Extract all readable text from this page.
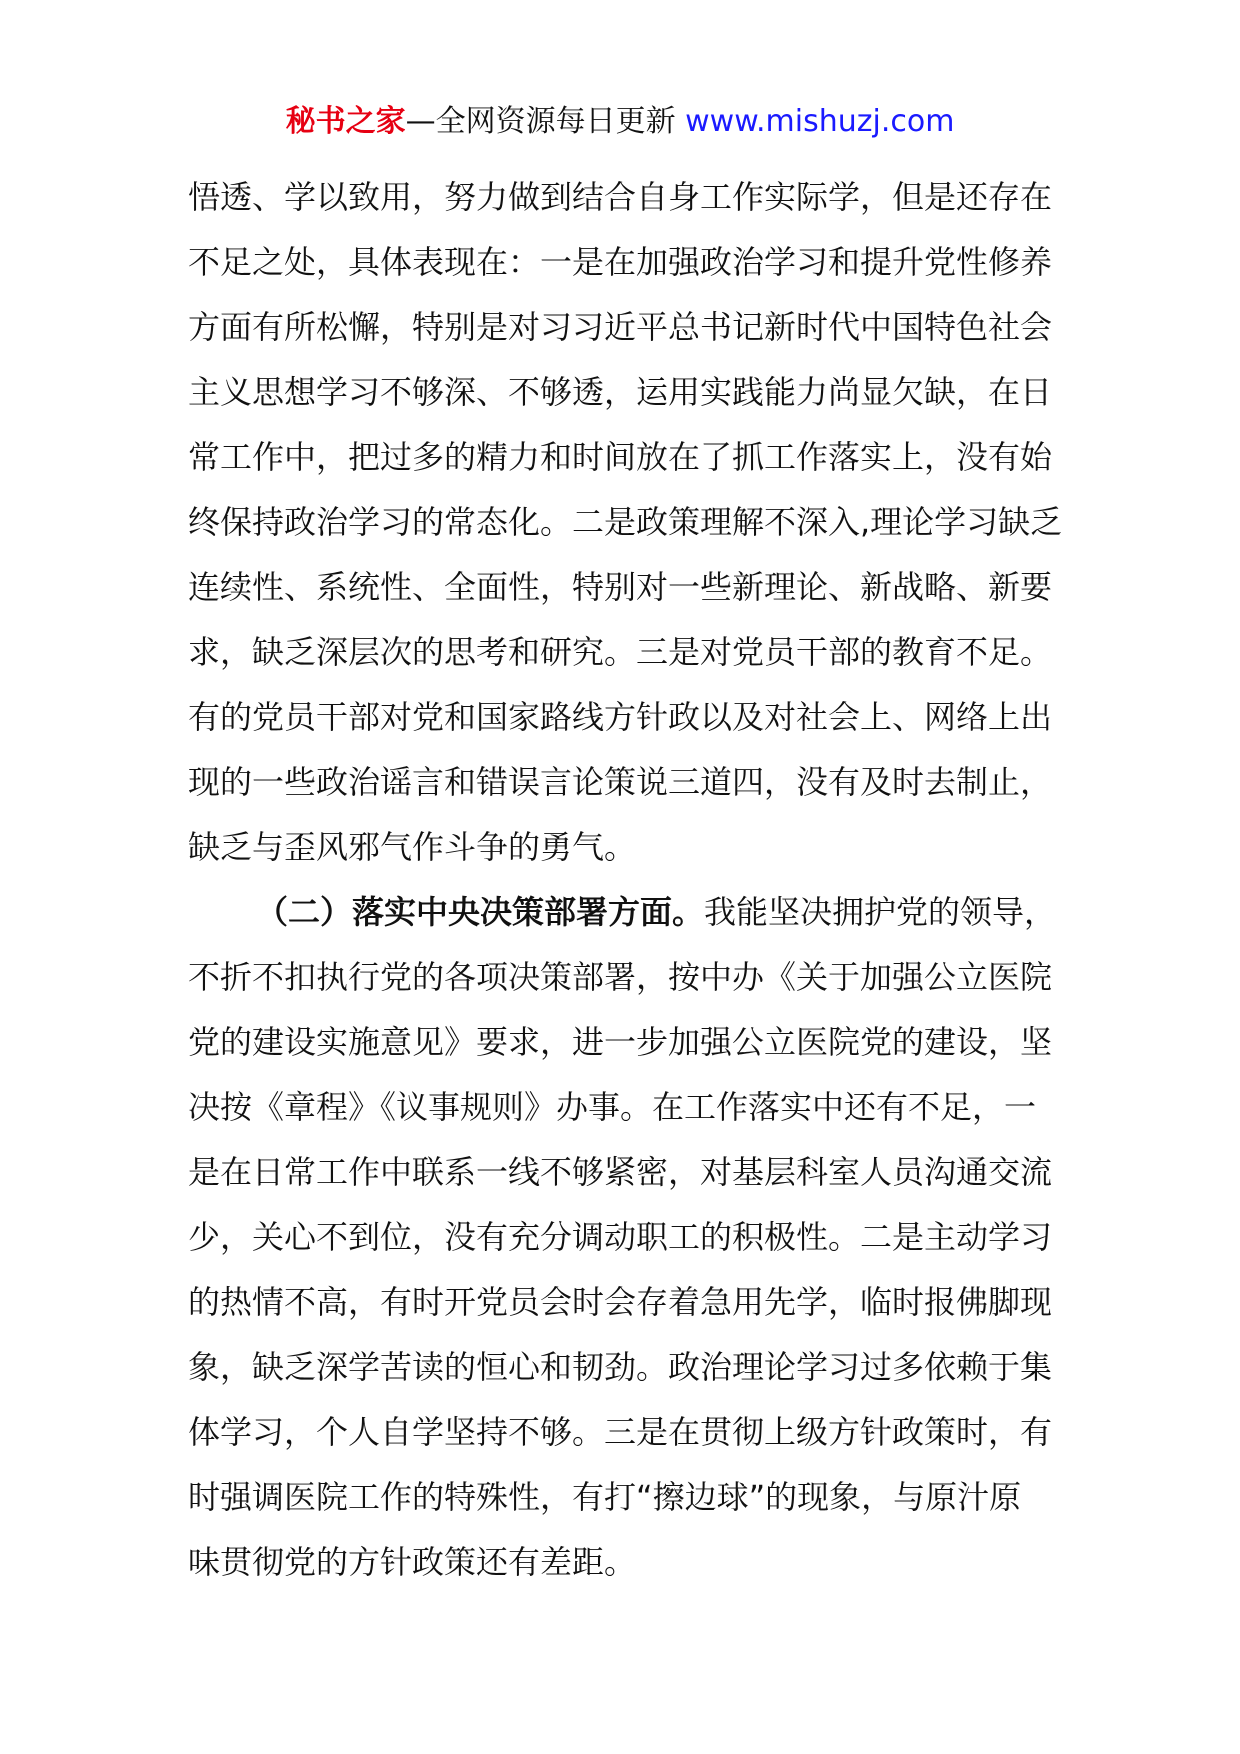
秘书之家—全网资源每日更新 www.mishuzj.com
悟透、学以致用，努力做到结合自身工作实际学，但是还存在
不足之处，具体表现在：一是在加强政治学习和提升党性修养
方面有所松懈，特别是对习习近平总书记新时代中国特色社会
主义思想学习不够深、不够透，运用实践能力尚显欠缺，在日
常工作中，把过多的精力和时间放在了抓工作落实上，没有始
终保持政治学习的常态化。二是政策理解不深入,理论学习缺乏
连续性、系统性、全面性，特别对一些新理论、新战略、新要
求，缺乏深层次的思考和研究。三是对党员干部的教育不足。
有的党员干部对党和国家路线方针政以及对社会上、网络上出
现的一些政治谣言和错误言论策说三道四，没有及时去制止，
缺乏与歪风邪气作斗争的勇气。
（二）落实中央决策部署方面。我能坚决拥护党的领导，
不折不扣执行党的各项决策部署，按中办《关于加强公立医院
党的建设实施意见》要求，进一步加强公立医院党的建设，坚
决按《章程》《议事规则》办事。在工作落实中还有不足，一
是在日常工作中联系一线不够紧密，对基层科室人员沟通交流
少，关心不到位，没有充分调动职工的积极性。二是主动学习
的热情不高，有时开党员会时会存着急用先学，临时报佛脚现
象，缺乏深学苦读的恒心和韧劲。政治理论学习过多依赖于集
体学习，个人自学坚持不够。三是在贯彻上级方针政策时，有
时强调医院工作的特殊性，有打“擦边球”的现象，与原汁原
味贯彻党的方针政策还有差距。
